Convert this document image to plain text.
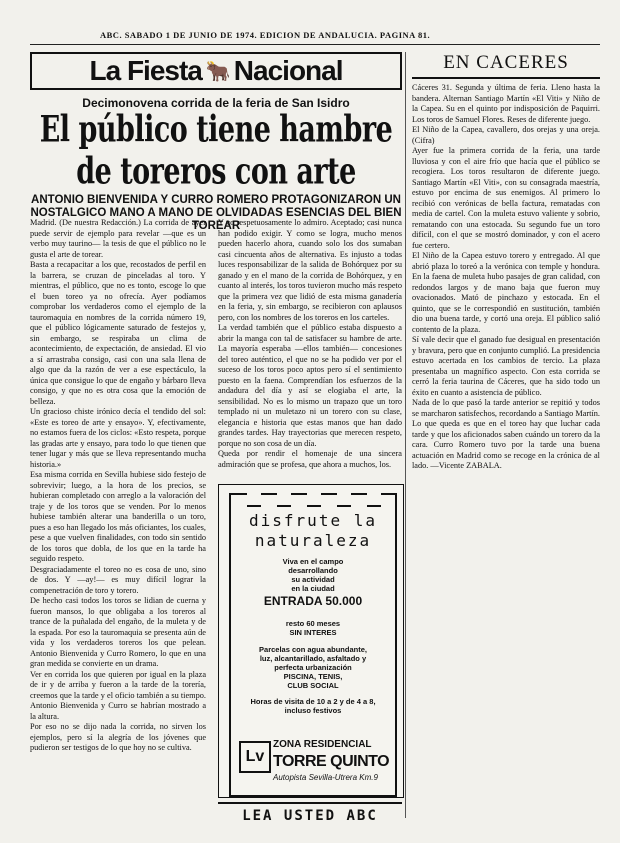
ABC. SABADO 1 DE JUNIO DE 1974. EDICION DE ANDALUCIA. PAGINA 81.
La Fiesta 🐂 Nacional
Decimonovena corrida de la feria de San Isidro
El público tiene hambre de toreros con arte
ANTONIO BIENVENIDA Y CURRO ROMERO PROTAGONIZARON UN NOSTALGICO MANO A MANO DE OLVIDADAS ESENCIAS DEL BIEN TOREAR

Madrid. (De nuestra Redacción.) La corrida de ayer puede servir de ejemplo para revelar —que es un verbo muy taurino— la tesis de que el público no le gusta el arte de torear.

Basta a recapacitar a los que, recostados de perfil en la barrera, se cruzan de pinceladas al toro. Y mientras, el público, que no es tonto, escoge lo que el buen toreo ya no ofrecía. Ayer podíamos comprobar los verdaderos como el ejemplo de la tauromaquia en nombres de la corrida número 19, que el público lógicamente saturado de festejos y, sin embargo, se respiraba un clima de acontecimiento, de expectación, de ansiedad. El vio a sí arrastraba consigo, casi con una sala llena de algo que da la razón de ver a ese espectáculo, la única que consigue lo que de engaño y bárbaro lleva consigo, y que no es otra cosa que la emoción de belleza.

Un gracioso chiste irónico decía el tendido del sol: «Este es toreo de arte y ensayo». Y, efectivamente, no estamos fuera de los ciclos: «Esto respeta, porque las gradas arte y ensayo, para todo lo que tienen que tener lugar y más que se lleva representando mucha historia.»

Esa misma corrida en Sevilla hubiese sido festejo de sobrevivir; luego, a la hora de los precios, se hubieran completado con arreglo a la valoración del traje y de los toros que se venden. Por lo menos hubiese también alterar una banderilla o un toro, pues a eso han llegado los más oficiantes, los cuales, pese a que vuelven finalidades, con todo sin sentido de los toros que dobla, de los que en la tarde ha seguido respeto.

Desgraciadamente el toreo no es cosa de uno, sino de dos. Y —ay!— es muy difícil lograr la compenetración de toro y torero.

De hecho casi todos los toros se lidian de cuerna y fueron mansos, lo que obligaba a los toreros al trance de la puñalada del engaño, de la muleta y de la espada. Por eso la tauromaquia se presenta aún de vida y los verdaderos toreros los que pelean. Antonio Bienvenida y Curro Romero, lo que en una gran medida se convierte en un drama.

Ver en corrida los que quieren por igual en la plaza de ir y de arriba y fueron a la tarde de la torería, creemos que la tarde y el oficio también a su tiempo. Antonio Bienvenida y Curro se habrían mostrado a la altura.

Por eso no se dijo nada la corrida, no sirven los ejemplos, pero sí la alegría de los jóvenes que pudieron ser testigos de lo que hoy no se cultiva.

Y vo respetuosamente lo admiro. Aceptado; casi nunca han podido exigir. Y como se logra, mucho menos pueden hacerlo ahora, cuando solo los dos sumaban casi cincuenta años de alternativa. Es injusto a todas luces responsabilizar de la salida de Bohórquez por su ganado y en el mano de la corrida de Bohórquez, y en cuanto al interés, los toros tuvieron mucho más respeto que la primera vez que lidió de esta misma ganadería en la feria, y, sin embargo, se recibieron con aplausos pero, con los nombres de los toreros en los carteles.

La verdad también que el público estaba dispuesto a abrir la manga con tal de satisfacer su hambre de arte. La mayoría esperaba —ellos también— concesiones del toreo auténtico, el que no se ha podido ver por el suceso de los toros poco aptos pero sí el sentimiento puesto en la faena. Comprendían los esfuerzos de la andadura del día y así se elogiaba el arte, la sensibilidad. No es lo mismo un trapazo que un toro templado ni un muletazo ni un torero con su clase, elegancia e historia que estas manos que han dado grandes tardes. Hay trayectorias que merecen respeto, porque no son cosa de un día.

Queda por rendir el homenaje de una sincera admiración que se profesa, que ahora a muchos, los.

disfrute la
naturaleza
Viva en el campo
desarrollando
su actividad
en la ciudad
ENTRADA 50.000
resto 60 meses
SIN INTERES
Parcelas con agua abundante,
luz, alcantarillado, asfaltado y
perfecta urbanización
PISCINA, TENIS,
CLUB SOCIAL
Horas de visita de 10 a 2 y de 4 a 8, incluso festivos
Lv
ZONA RESIDENCIAL
TORRE QUINTO
Autopista Sevilla-Utrera Km.9
LEA USTED ABC
EN CACERES

Cáceres 31. Segunda y última de feria. Lleno hasta la bandera. Alternan Santiago Martín «El Viti» y Niño de la Capea. Su en el quinto por indisposición de Paquirri. Los toros de Samuel Flores. Reses de diferente juego.

El Niño de la Capea, cavallero, dos orejas y una oreja. (Cifra)

Ayer fue la primera corrida de la feria, una tarde lluviosa y con el aire frío que hacía que el público se recogiera. Los toros resultaron de diferente juego. Santiago Martín «El Viti», con su consagrada maestría, estuvo por encima de sus enemigos. Al primero lo recibió con verónicas de bella factura, rematadas con media de cartel. Con la muleta estuvo valiente y sobrio, rematando con una estocada. Su segundo fue un toro difícil, con el que se mostró dominador, y con el acero fue certero.

El Niño de la Capea estuvo torero y entregado. Al que abrió plaza lo toreó a la verónica con temple y hondura. En la faena de muleta hubo pasajes de gran calidad, con redondos largos y de mano baja que fueron muy ovacionados. Mató de pinchazo y estocada. En el quinto, que se le correspondió en sustitución, también dio una buena tarde, y cortó una oreja. El público salió contento de la plaza.

Sí vale decir que el ganado fue desigual en presentación y bravura, pero que en conjunto cumplió. La presidencia estuvo acertada en los cambios de tercio. La plaza presentaba un magnífico aspecto. Con esta corrida se cerró la feria taurina de Cáceres, que ha sido todo un éxito en cuanto a asistencia de público.

Nada de lo que pasó la tarde anterior se repitió y todos se marcharon satisfechos, recordando a Santiago Martín. Lo que queda es que en el toreo hay que luchar cada tarde y que los aficionados saben cuándo un torero da la cara. Curro Romero tuvo por la tarde una buena actuación en Madrid como se recoge en la crónica de al lado. —Vicente ZABALA.
